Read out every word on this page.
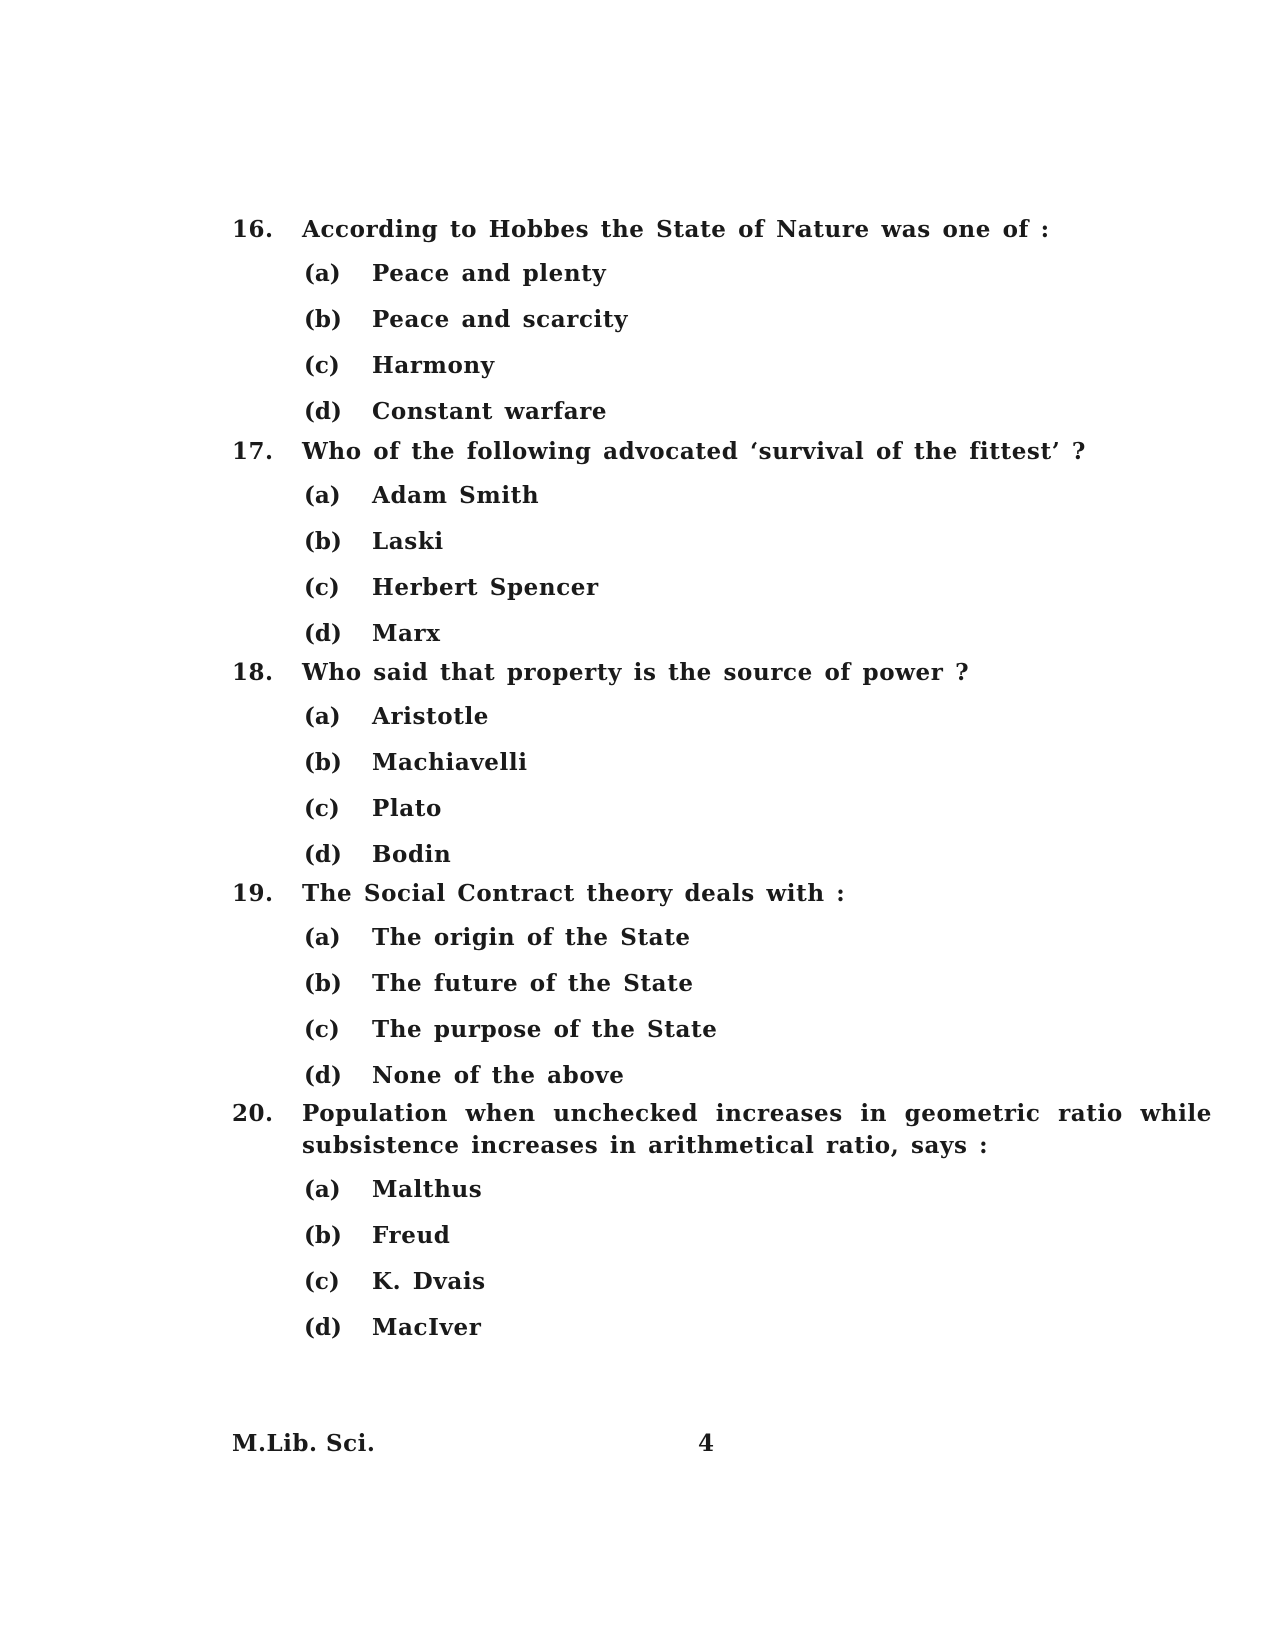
16.	According to Hobbes the State of Nature was one of :
(a)	Peace and plenty
(b)	Peace and scarcity
(c)	Harmony
(d)	Constant warfare
17.	Who of the following advocated ‘survival of the fittest’ ?
(a)	Adam Smith
(b)	Laski
(c)	Herbert Spencer
(d)	Marx
18.	Who said that property is the source of power ?
(a)	Aristotle
(b)	Machiavelli
(c)	Plato
(d)	Bodin
19.	The Social Contract theory deals with :
(a)	The origin of the State
(b)	The future of the State
(c)	The purpose of the State
(d)	None of the above
20.	Population when unchecked increases in geometric ratio while subsistence increases in arithmetical ratio, says :
(a)	Malthus
(b)	Freud
(c)	K. Dvais
(d)	MacIver
M.Lib. Sci.	4
